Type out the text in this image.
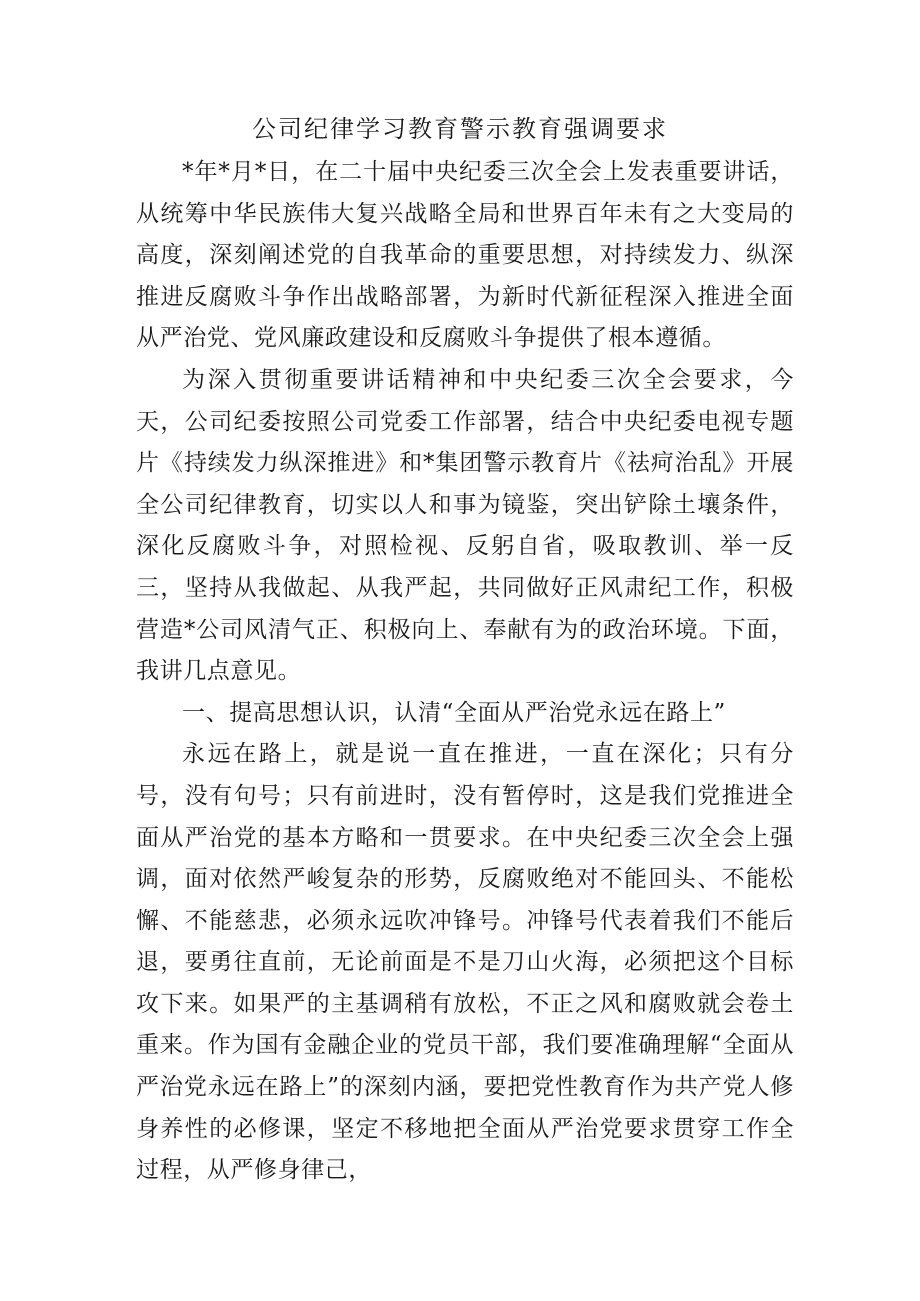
公司纪律学习教育警示教育强调要求

*年*月*日，在二十届中央纪委三次全会上发表重要讲话，从统筹中华民族伟大复兴战略全局和世界百年未有之大变局的高度，深刻阐述党的自我革命的重要思想，对持续发力、纵深推进反腐败斗争作出战略部署，为新时代新征程深入推进全面从严治党、党风廉政建设和反腐败斗争提供了根本遵循。

为深入贯彻重要讲话精神和中央纪委三次全会要求，今天，公司纪委按照公司党委工作部署，结合中央纪委电视专题片《持续发力纵深推进》和*集团警示教育片《祛疴治乱》开展全公司纪律教育，切实以人和事为镜鉴，突出铲除土壤条件，深化反腐败斗争，对照检视、反躬自省，吸取教训、举一反三，坚持从我做起、从我严起，共同做好正风肃纪工作，积极营造*公司风清气正、积极向上、奉献有为的政治环境。下面，我讲几点意见。

一、提高思想认识，认清“全面从严治党永远在路上”

永远在路上，就是说一直在推进，一直在深化；只有分号，没有句号；只有前进时，没有暂停时，这是我们党推进全面从严治党的基本方略和一贯要求。在中央纪委三次全会上强调，面对依然严峻复杂的形势，反腐败绝对不能回头、不能松懈、不能慈悲，必须永远吹冲锋号。冲锋号代表着我们不能后退，要勇往直前，无论前面是不是刀山火海，必须把这个目标攻下来。如果严的主基调稍有放松，不正之风和腐败就会卷土重来。作为国有金融企业的党员干部，我们要准确理解“全面从严治党永远在路上”的深刻内涵，要把党性教育作为共产党人修身养性的必修课，坚定不移地把全面从严治党要求贯穿工作全过程，从严修身律己，
